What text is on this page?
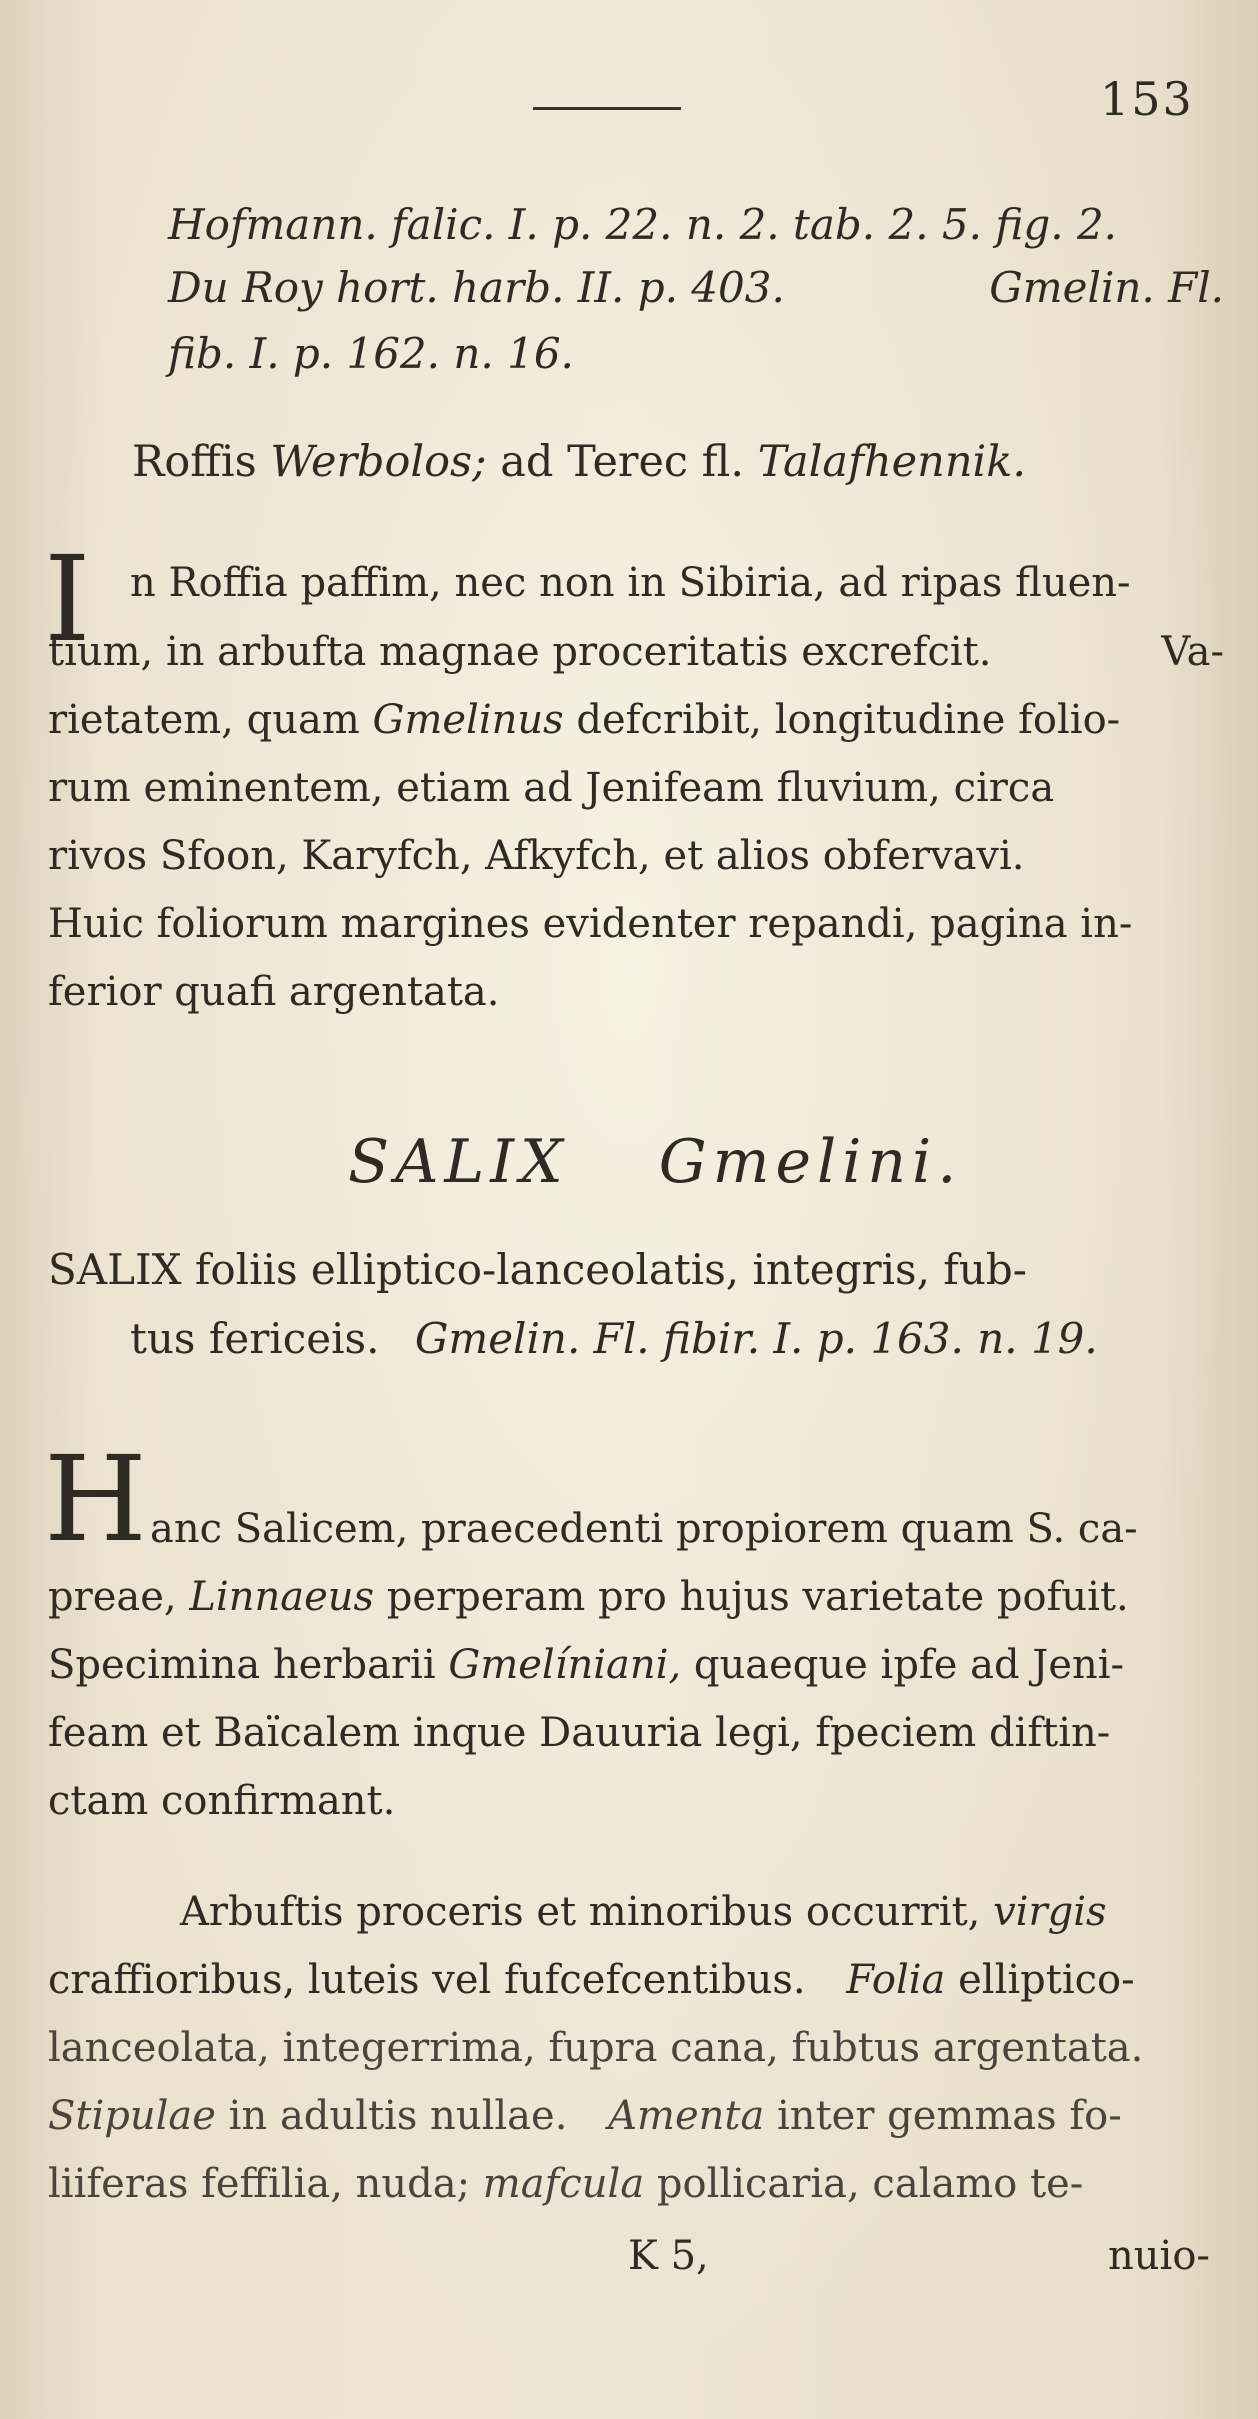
153
Hofmann. falic. I. p. 22. n. 2. tab. 2. 5. fig. 2.
Du Roy hort. harb. II. p. 403.	Gmelin. Fl.
fib. I. p. 162. n. 16.
Roffis Werbolos; ad Terec fl. Talafhennik.
I n Roffia paffim, nec non in Sibiria, ad ripas fluen-
tium, in arbufta magnae proceritatis excrefcit.	Va-
rietatem, quam Gmelinus defcribit, longitudine folio-
rum eminentem, etiam ad Jenifeam fluvium, circa
rivos Sfoon, Karyfch, Afkyfch, et alios obfervavi.
Huic foliorum margines evidenter repandi, pagina in-
ferior quafi argentata.
SALIX Gmelini.
SALIX foliis elliptico-lanceolatis, integris, fub-
tus fericeis. Gmelin. Fl. fibir. I. p. 163. n. 19.
H anc Salicem, praecedenti propiorem quam S. ca-
preae, Linnaeus perperam pro hujus varietate pofuit.
Specimina herbarii Gmelíniani, quaeque ipfe ad Jeni-
feam et Baïcalem inque Dauuria legi, fpeciem diftin-
ctam confirmant.
Arbuftis proceris et minoribus occurrit, virgis
craffioribus, luteis vel fufcefcentibus. Folia elliptico-
lanceolata, integerrima, fupra cana, fubtus argentata.
Stipulae in adultis nullae. Amenta inter gemmas fo-
liiferas feffilia, nuda; mafcula pollicaria, calamo te-
K 5,	nuio-
